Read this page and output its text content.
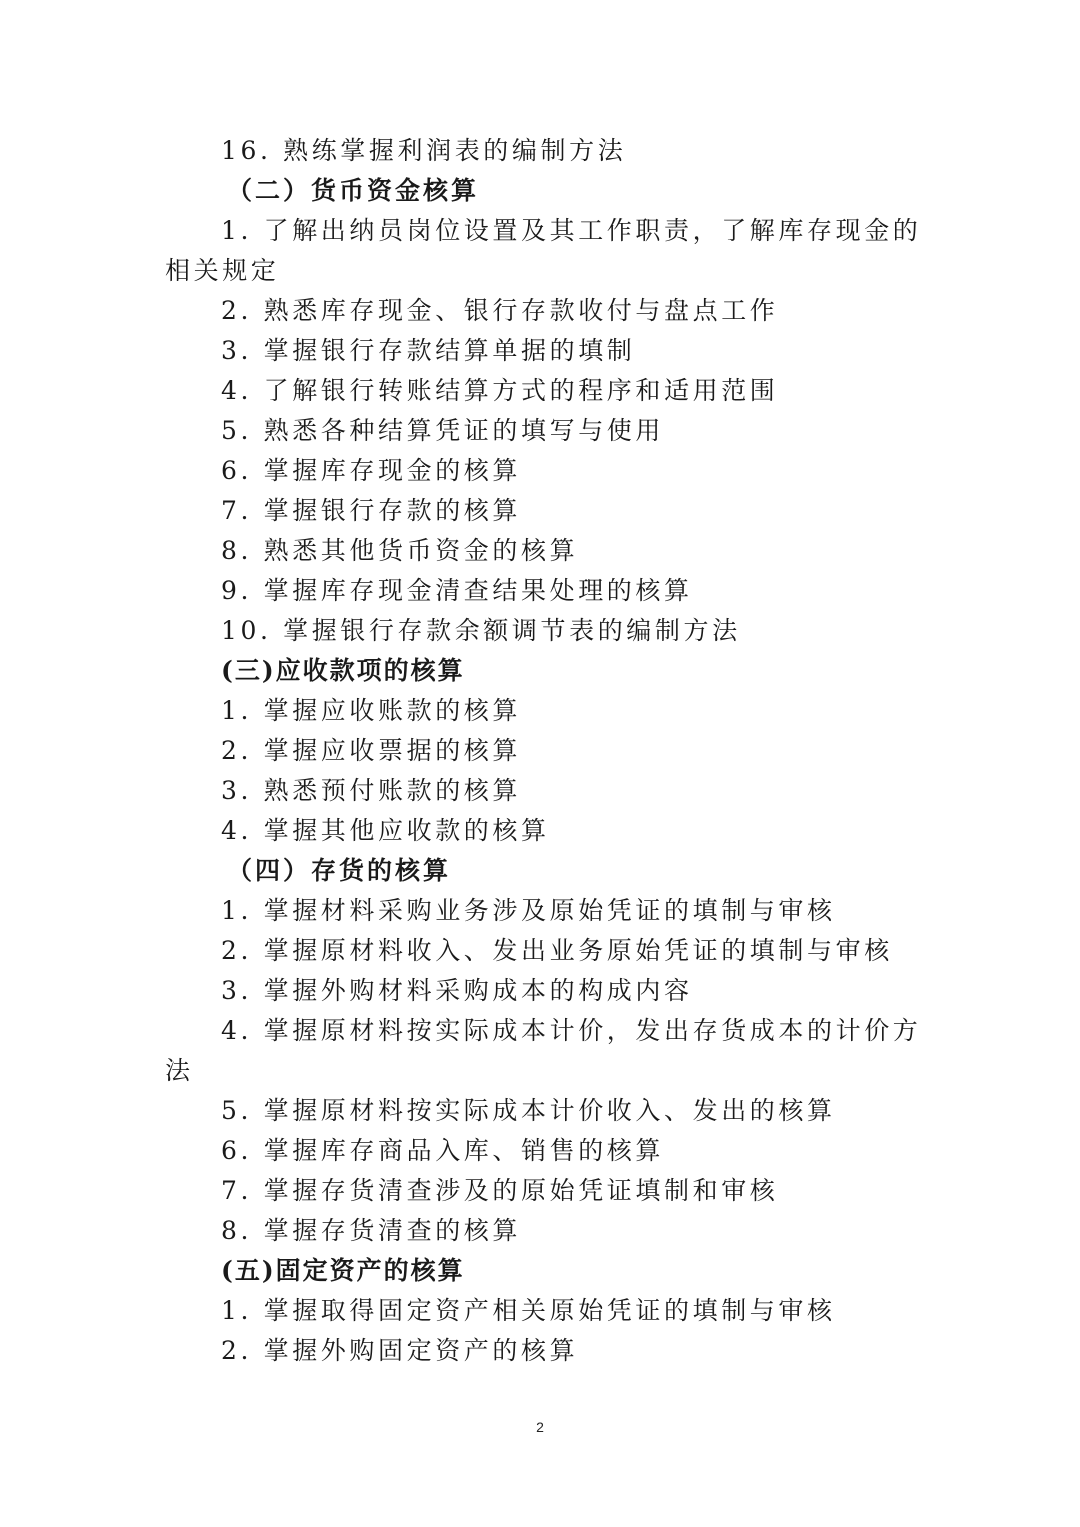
16. 熟练掌握利润表的编制方法
（二）货币资金核算
1. 了解出纳员岗位设置及其工作职责，了解库存现金的
相关规定
2. 熟悉库存现金、银行存款收付与盘点工作
3. 掌握银行存款结算单据的填制
4. 了解银行转账结算方式的程序和适用范围
5. 熟悉各种结算凭证的填写与使用
6. 掌握库存现金的核算
7. 掌握银行存款的核算
8. 熟悉其他货币资金的核算
9. 掌握库存现金清查结果处理的核算
10. 掌握银行存款余额调节表的编制方法
(三)应收款项的核算
1. 掌握应收账款的核算
2. 掌握应收票据的核算
3. 熟悉预付账款的核算
4. 掌握其他应收款的核算
（四）存货的核算
1. 掌握材料采购业务涉及原始凭证的填制与审核
2. 掌握原材料收入、发出业务原始凭证的填制与审核
3. 掌握外购材料采购成本的构成内容
4. 掌握原材料按实际成本计价，发出存货成本的计价方
法
5. 掌握原材料按实际成本计价收入、发出的核算
6. 掌握库存商品入库、销售的核算
7. 掌握存货清查涉及的原始凭证填制和审核
8. 掌握存货清查的核算
(五)固定资产的核算
1. 掌握取得固定资产相关原始凭证的填制与审核
2. 掌握外购固定资产的核算
2
